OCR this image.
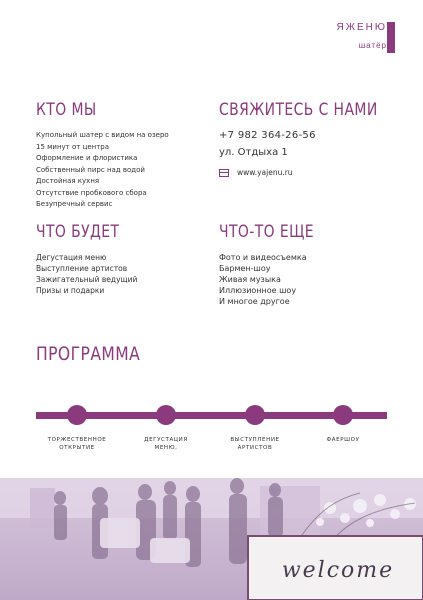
ЯЖЕНЮ
шатёр
КТО МЫ
Купольный шатер с видом на озеро
15 минут от центра
Оформление и флористика
Собственный пирс над водой
Достойная кухня
Отсутствие пробкового сбора
Безупречный сервис
СВЯЖИТЕСЬ С НАМИ
+7 982 364-26-56
ул. Отдыха 1
www.yajenu.ru
ЧТО БУДЕТ
Дегустация меню
Выступление артистов
Зажигательный ведущий
Призы и подарки
ЧТО-ТО ЕЩЕ
Фото и видеосъемка
Бармен-шоу
Живая музыка
Иллюзионное шоу
И многое другое
ПРОГРАММА
ТОРЖЕСТВЕННОЕ
ОТКРЫТИЕ
ДЕГУСТАЦИЯ
МЕНЮ,
ВЫСТУПЛЕНИЕ
АРТИСТОВ
ФАЕРШОУ
welcome
